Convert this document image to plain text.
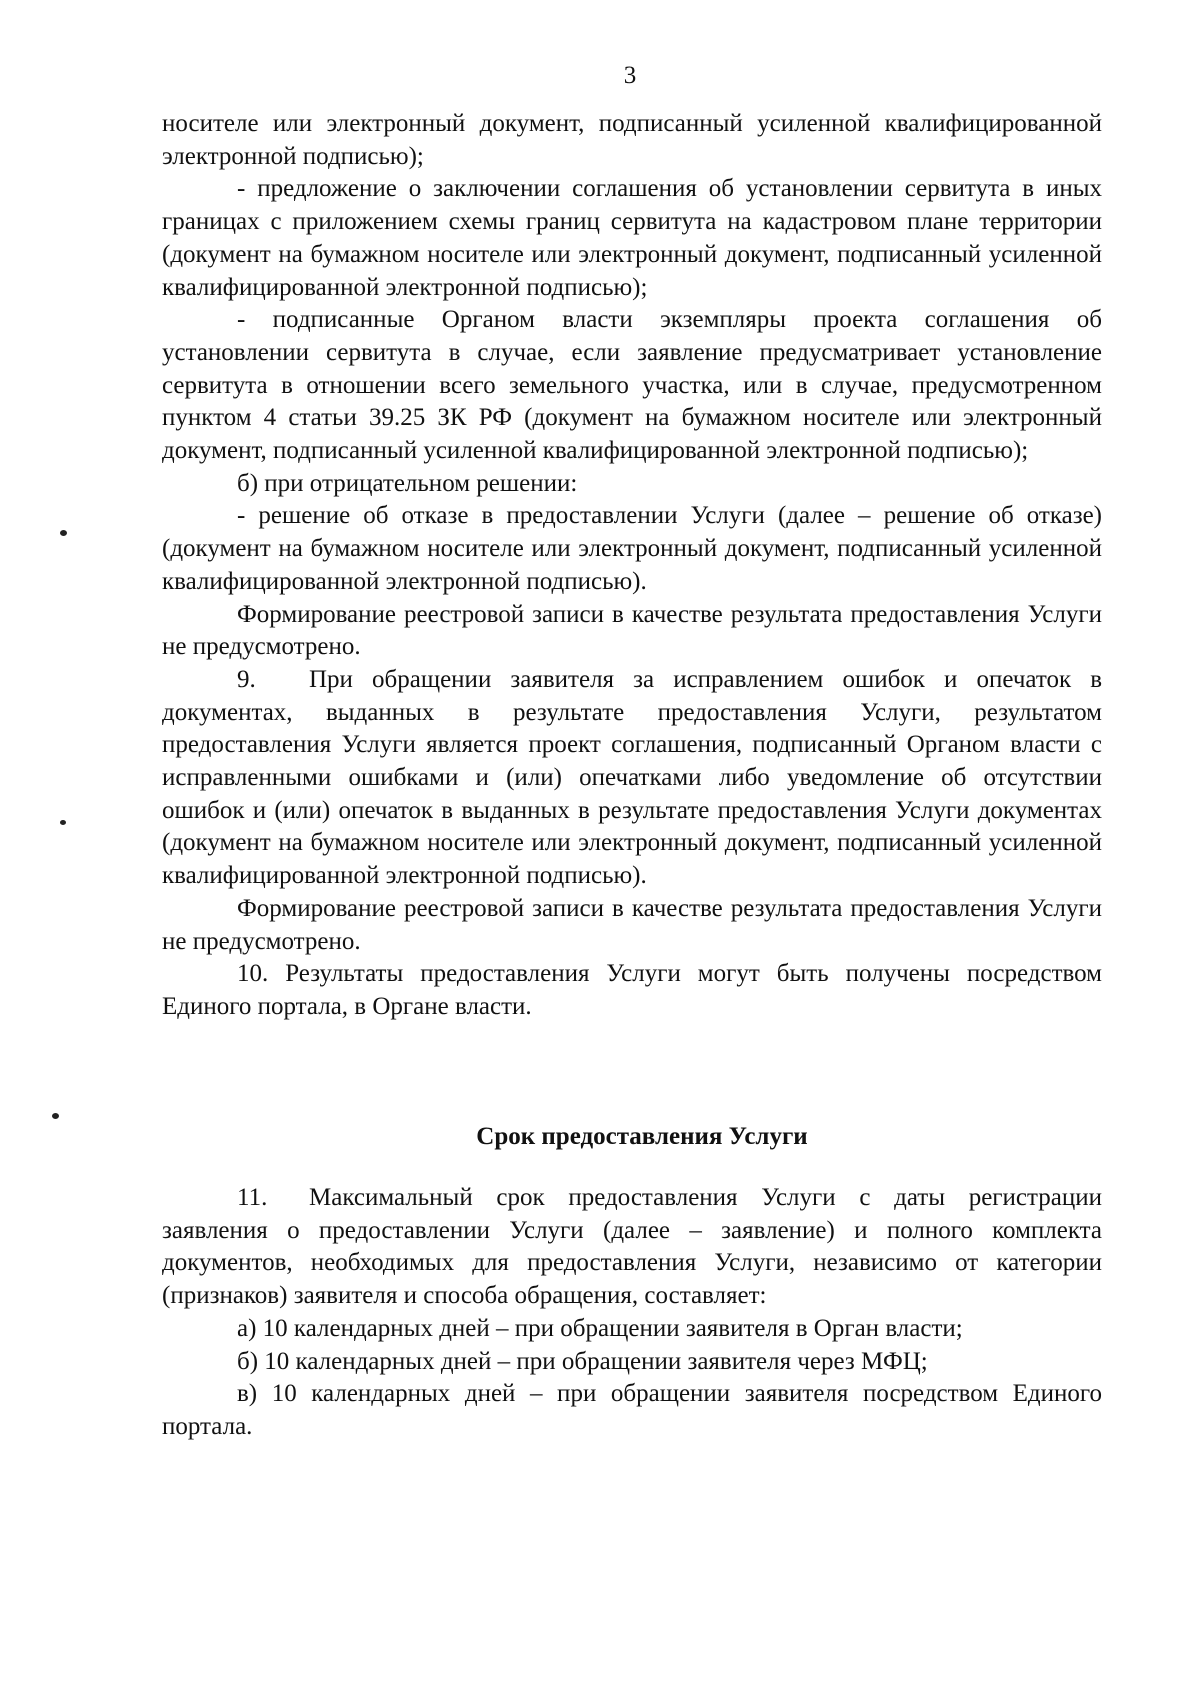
3

носителе или электронный документ, подписанный усиленной квалифицированной электронной подписью);

- предложение о заключении соглашения об установлении сервитута в иных границах с приложением схемы границ сервитута на кадастровом плане территории (документ на бумажном носителе или электронный документ, подписанный усиленной квалифицированной электронной подписью);

- подписанные Органом власти экземпляры проекта соглашения об установлении сервитута в случае, если заявление предусматривает установление сервитута в отношении всего земельного участка, или в случае, предусмотренном пунктом 4 статьи 39.25 ЗК РФ (документ на бумажном носителе или электронный документ, подписанный усиленной квалифицированной электронной подписью);

б) при отрицательном решении:

- решение об отказе в предоставлении Услуги (далее – решение об отказе) (документ на бумажном носителе или электронный документ, подписанный усиленной квалифицированной электронной подписью).

Формирование реестровой записи в качестве результата предоставления Услуги не предусмотрено.

9. При обращении заявителя за исправлением ошибок и опечаток в документах, выданных в результате предоставления Услуги, результатом предоставления Услуги является проект соглашения, подписанный Органом власти с исправленными ошибками и (или) опечатками либо уведомление об отсутствии ошибок и (или) опечаток в выданных в результате предоставления Услуги документах (документ на бумажном носителе или электронный документ, подписанный усиленной квалифицированной электронной подписью).

Формирование реестровой записи в качестве результата предоставления Услуги не предусмотрено.

10. Результаты предоставления Услуги могут быть получены посредством Единого портала, в Органе власти.

Срок предоставления Услуги

11. Максимальный срок предоставления Услуги с даты регистрации заявления о предоставлении Услуги (далее – заявление) и полного комплекта документов, необходимых для предоставления Услуги, независимо от категории (признаков) заявителя и способа обращения, составляет:

а) 10 календарных дней – при обращении заявителя в Орган власти;

б) 10 календарных дней – при обращении заявителя через МФЦ;

в) 10 календарных дней – при обращении заявителя посредством Единого портала.
